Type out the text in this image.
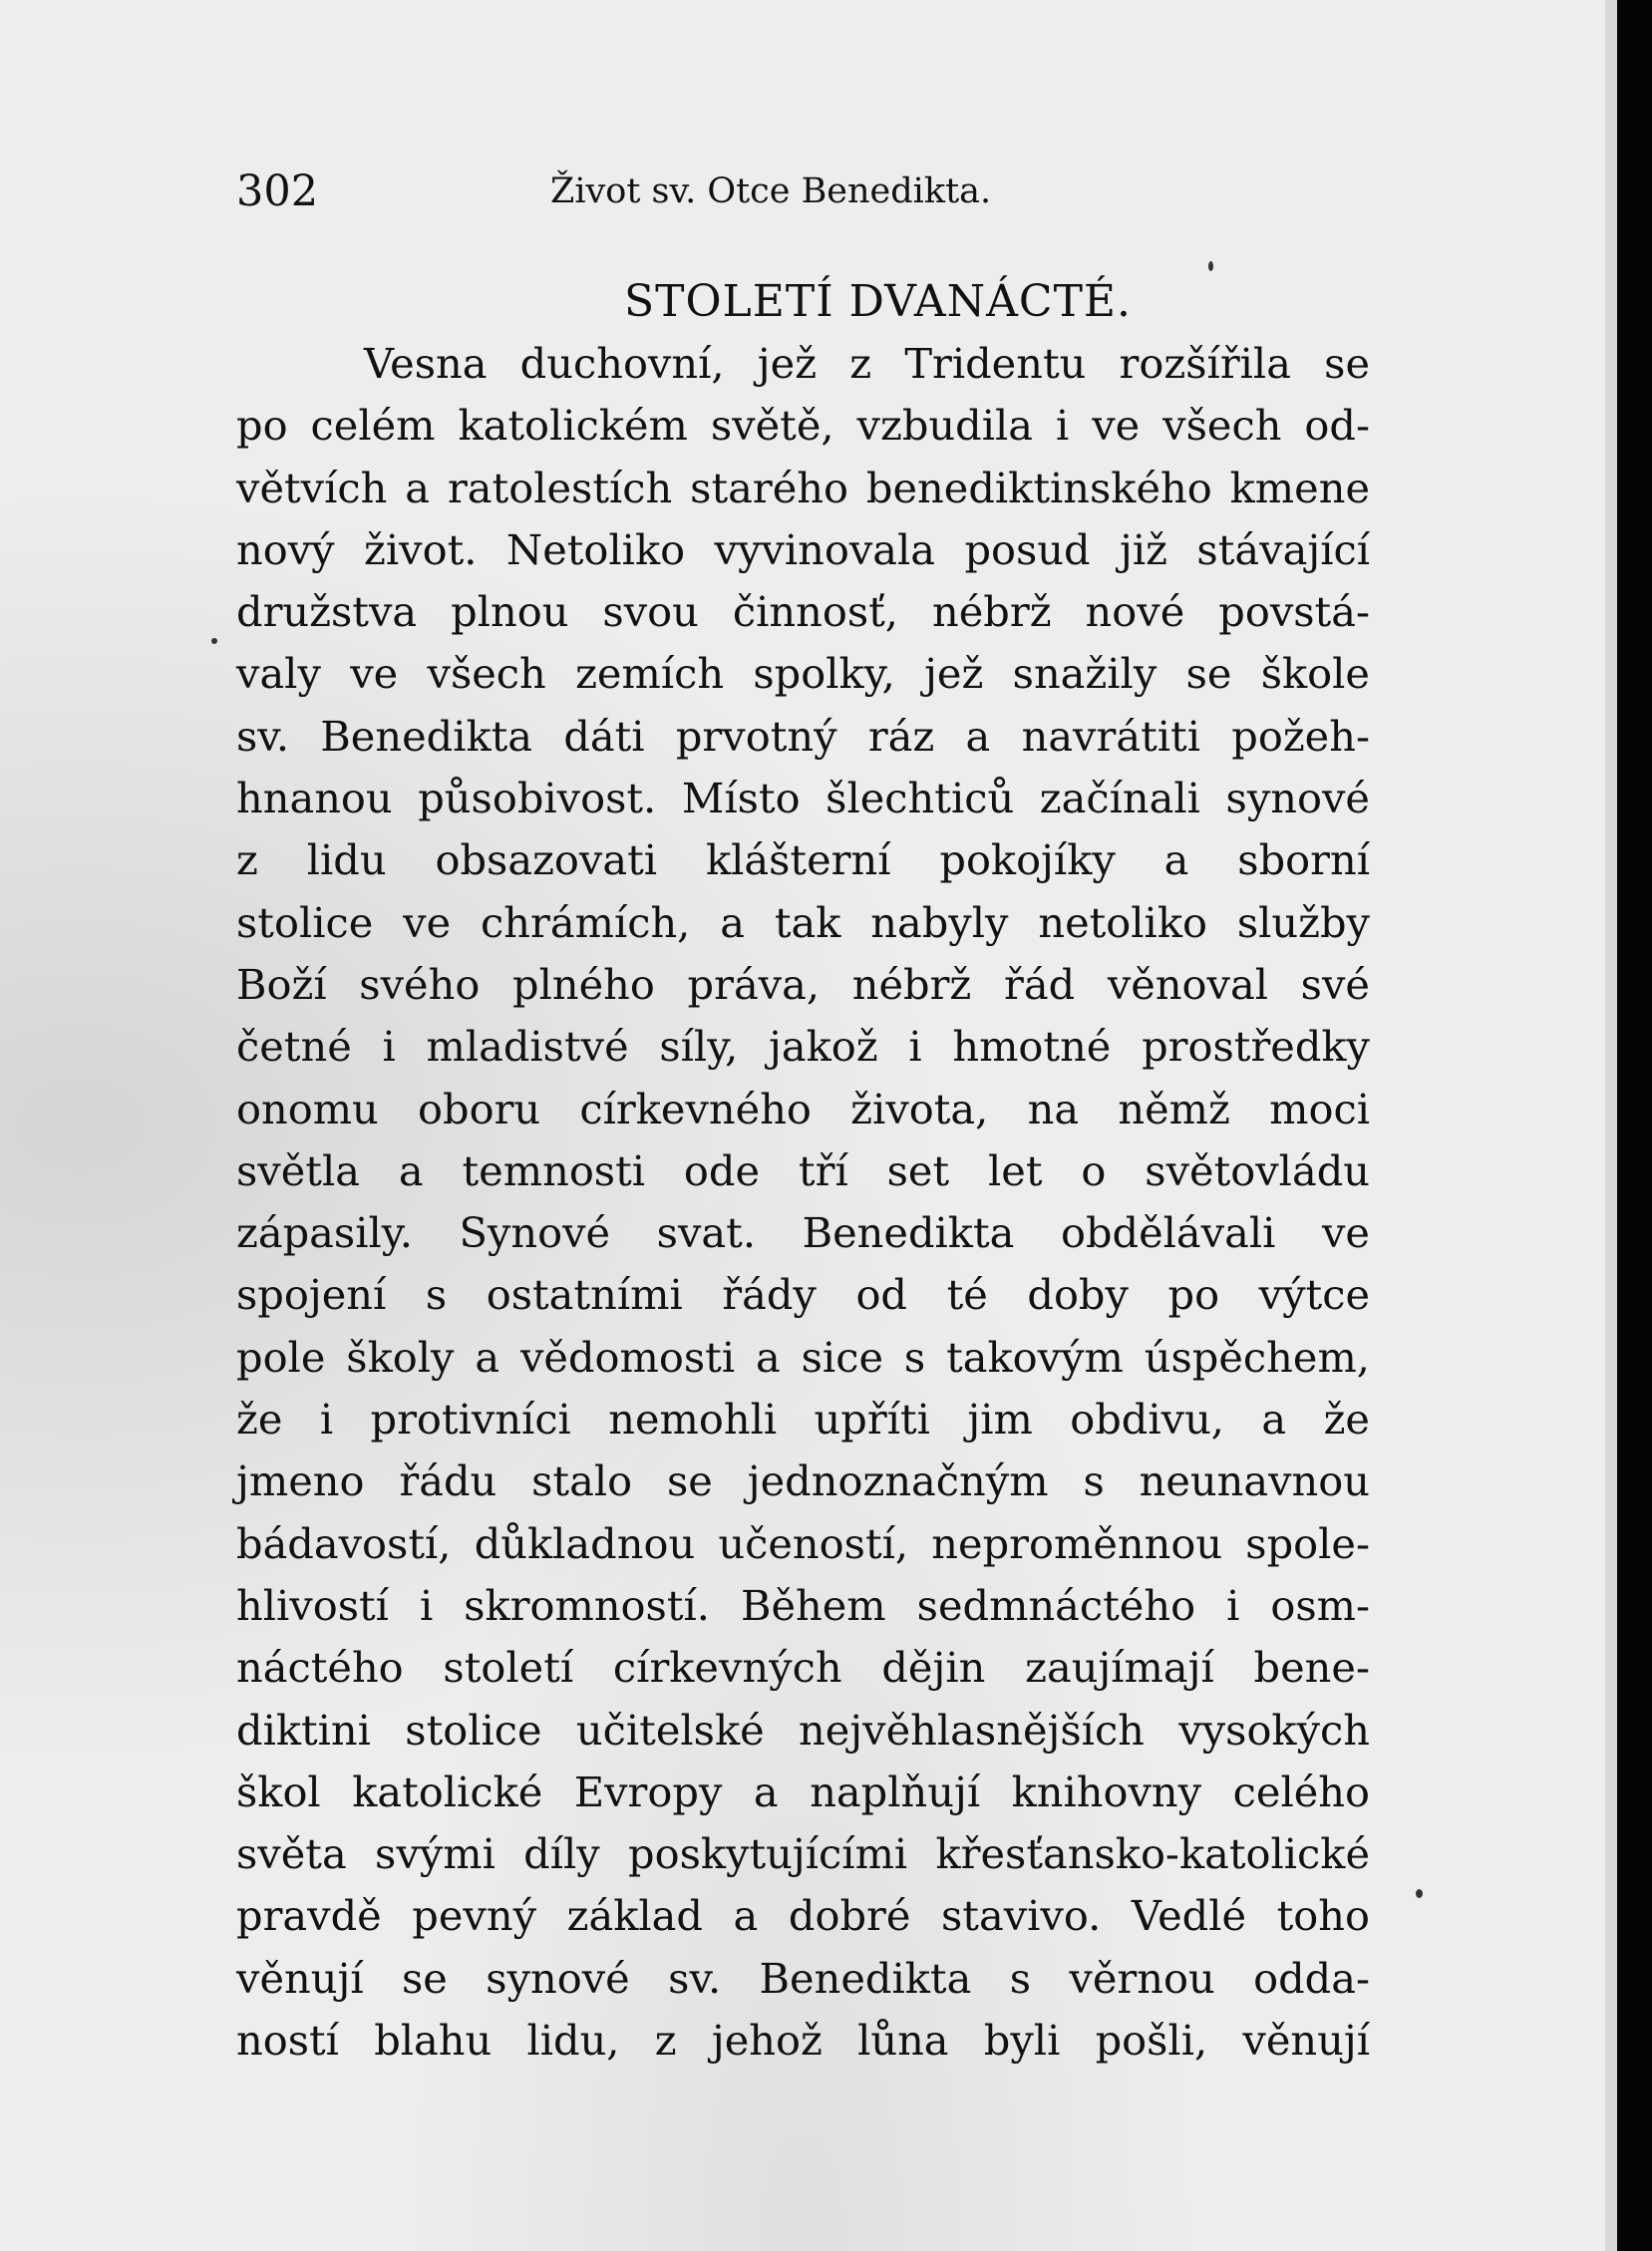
302	Život sv. Otce Benedikta.
STOLETÍ DVANÁCTÉ.
Vesna duchovní, jež z Tridentu rozšířila se
po celém katolickém světě, vzbudila i ve všech od-
větvích a ratolestích starého benediktinského kmene
nový život. Netoliko vyvinovala posud již stávající
družstva plnou svou činnosť, nébrž nové povstá-
valy ve všech zemích spolky, jež snažily se škole
sv. Benedikta dáti prvotný ráz a navrátiti požeh-
hnanou působivost. Místo šlechticů začínali synové
z lidu obsazovati klášterní pokojíky a sborní
stolice ve chrámích, a tak nabyly netoliko služby
Boží svého plného práva, nébrž řád věnoval své
četné i mladistvé síly, jakož i hmotné prostředky
onomu oboru církevného života, na němž moci
světla a temnosti ode tří set let o světovládu
zápasily. Synové svat. Benedikta obdělávali ve
spojení s ostatními řády od té doby po výtce
pole školy a vědomosti a sice s takovým úspěchem,
že i protivníci nemohli upříti jim obdivu, a že
jmeno řádu stalo se jednoznačným s neunavnou
bádavostí, důkladnou učeností, neproměnnou spole-
hlivostí i skromností. Během sedmnáctého i osm-
náctého století církevných dějin zaujímají bene-
diktini stolice učitelské nejvěhlasnějších vysokých
škol katolické Evropy a naplňují knihovny celého
světa svými díly poskytujícími křesťansko-katolické
pravdě pevný základ a dobré stavivo. Vedlé toho
věnují se synové sv. Benedikta s věrnou odda-
ností blahu lidu, z jehož lůna byli pošli, věnují
